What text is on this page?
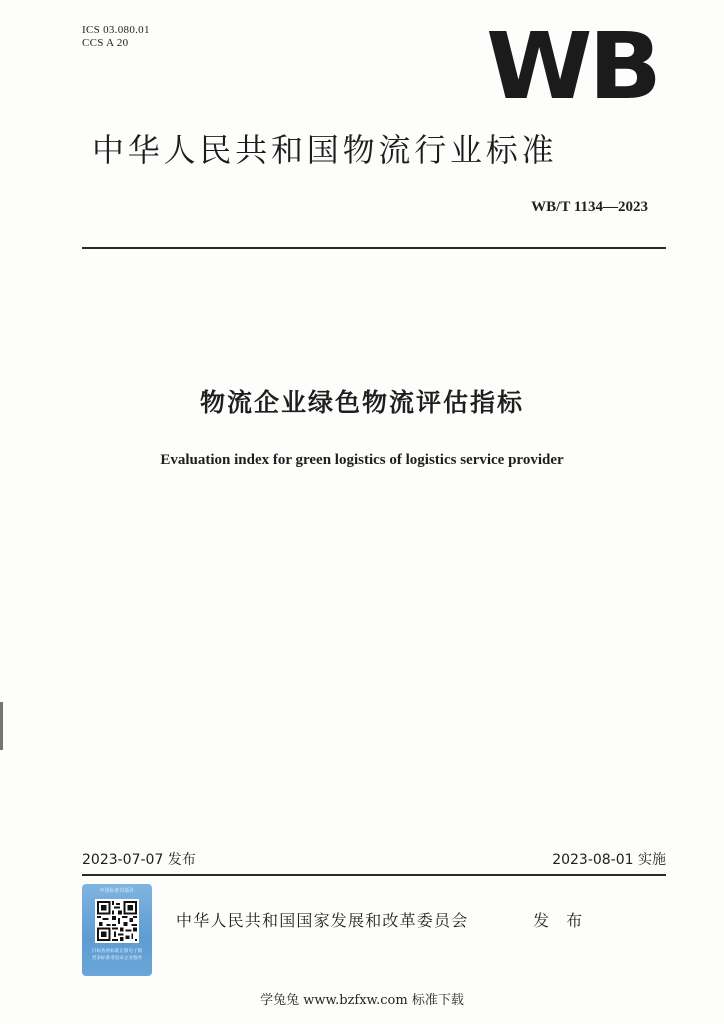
ICS 03.080.01
CCS A 20	WB
中华人民共和国物流行业标准
WB/T 1134—2023
物流企业绿色物流评估指标
Evaluation index for green logistics of logistics service provider
2023-07-07 发布	2023-08-01 实施
中国标准出版社
扫码查看标准正版电子版
更多标准请登录企业服务
中华人民共和国国家发展和改革委员会	发 布
学兔兔 www.bzfxw.com 标准下载
